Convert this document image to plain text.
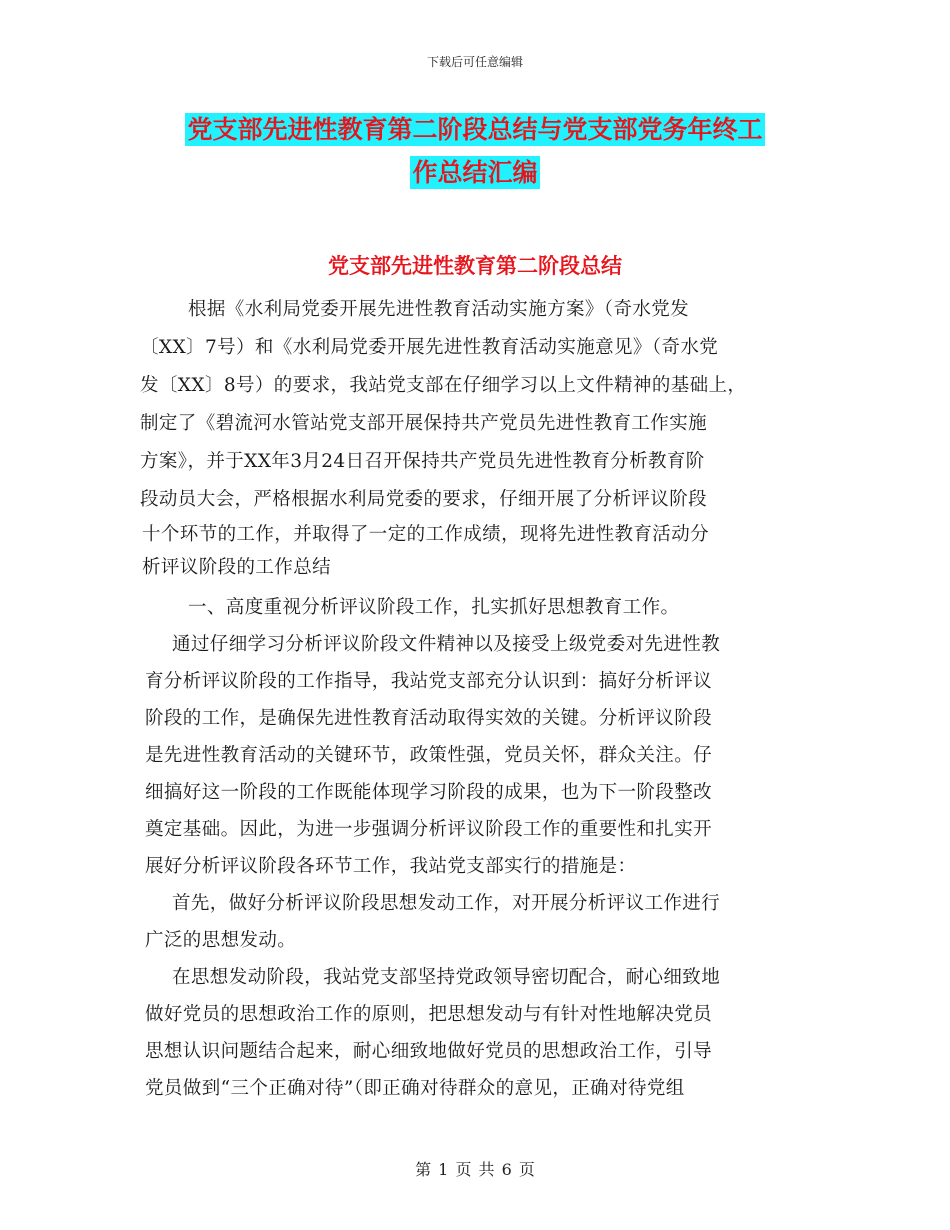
下载后可任意编辑
党支部先进性教育第二阶段总结与党支部党务年终工
作总结汇编
党支部先进性教育第二阶段总结
根据《水利局党委开展先进性教育活动实施方案》（奇水党发
〔XX〕7号）和《水利局党委开展先进性教育活动实施意见》（奇水党
发〔XX〕8号）的要求，我站党支部在仔细学习以上文件精神的基础上，
制定了《碧流河水管站党支部开展保持共产党员先进性教育工作实施
方案》，并于XX年3月24日召开保持共产党员先进性教育分析教育阶
段动员大会，严格根据水利局党委的要求，仔细开展了分析评议阶段
十个环节的工作，并取得了一定的工作成绩，现将先进性教育活动分
析评议阶段的工作总结
一、高度重视分析评议阶段工作，扎实抓好思想教育工作。
通过仔细学习分析评议阶段文件精神以及接受上级党委对先进性教
育分析评议阶段的工作指导，我站党支部充分认识到：搞好分析评议
阶段的工作，是确保先进性教育活动取得实效的关键。分析评议阶段
是先进性教育活动的关键环节，政策性强，党员关怀，群众关注。仔
细搞好这一阶段的工作既能体现学习阶段的成果，也为下一阶段整改
奠定基础。因此，为进一步强调分析评议阶段工作的重要性和扎实开
展好分析评议阶段各环节工作，我站党支部实行的措施是：
首先，做好分析评议阶段思想发动工作，对开展分析评议工作进行
广泛的思想发动。
在思想发动阶段，我站党支部坚持党政领导密切配合，耐心细致地
做好党员的思想政治工作的原则，把思想发动与有针对性地解决党员
思想认识问题结合起来，耐心细致地做好党员的思想政治工作，引导
党员做到“三个正确对待”（即正确对待群众的意见，正确对待党组
第 1 页 共 6 页
